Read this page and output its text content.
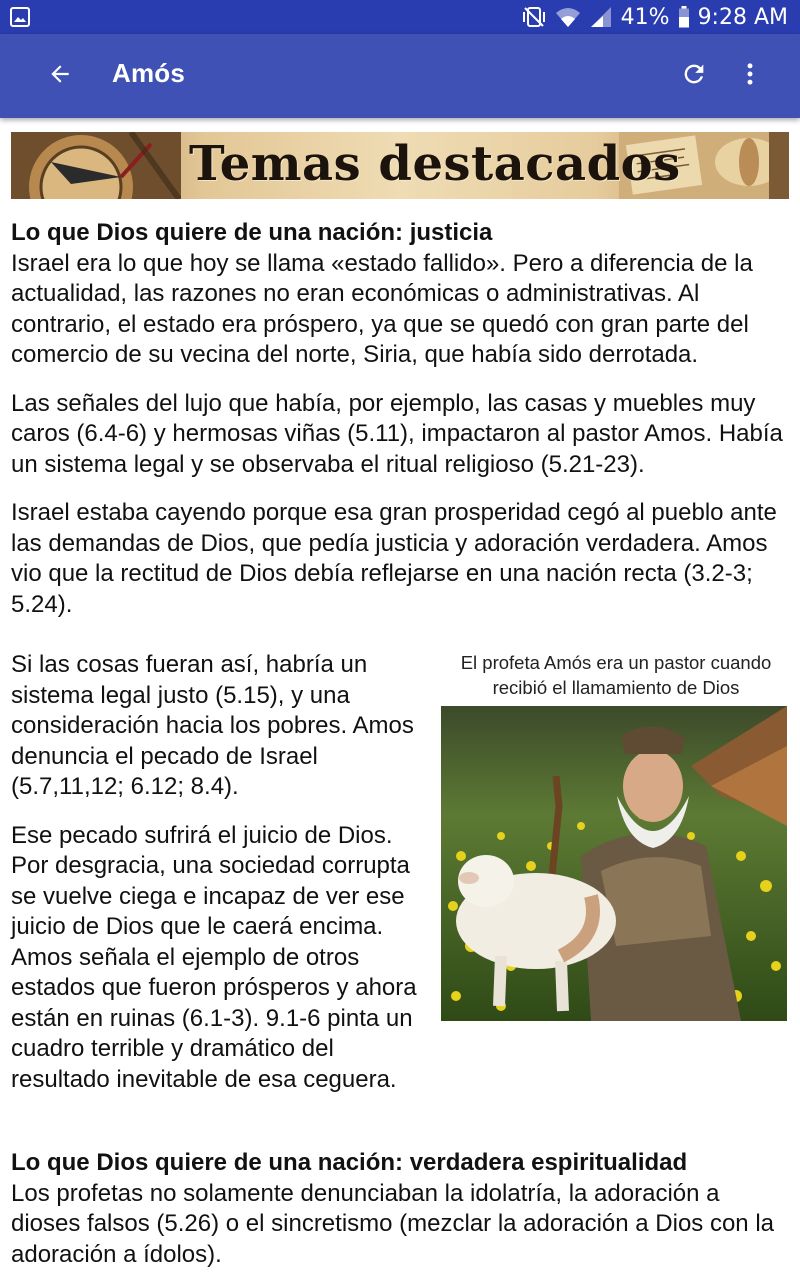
41% 9:28 AM
Amós
Temas destacados

Lo que Dios quiere de una nación: justicia

Israel era lo que hoy se llama «estado fallido». Pero a diferencia de la actualidad, las razones no eran económicas o administrativas. Al contrario, el estado era próspero, ya que se quedó con gran parte del comercio de su vecina del norte, Siria, que había sido derrotada.

Las señales del lujo que había, por ejemplo, las casas y muebles muy caros (6.4-6) y hermosas viñas (5.11), impactaron al pastor Amos. Había un sistema legal y se observaba el ritual religioso (5.21-23).

Israel estaba cayendo porque esa gran prosperidad cegó al pueblo ante las demandas de Dios, que pedía justicia y adoración verdadera. Amos vio que la rectitud de Dios debía reflejarse en una nación recta (3.2-3; 5.24).

Si las cosas fueran así, habría un sistema legal justo (5.15), y una consideración hacia los pobres. Amos denuncia el pecado de Israel (5.7,11,12; 6.12; 8.4).

Ese pecado sufrirá el juicio de Dios. Por desgracia, una sociedad corrupta se vuelve ciega e incapaz de ver ese juicio de Dios que le caerá encima. Amos señala el ejemplo de otros estados que fueron prósperos y ahora están en ruinas (6.1-3). 9.1-6 pinta un cuadro terrible y dramático del resultado inevitable de esa ceguera.

El profeta Amós era un pastor cuando recibió el llamamiento de Dios

Lo que Dios quiere de una nación: verdadera espiritualidad

Los profetas no solamente denunciaban la idolatría, la adoración a dioses falsos (5.26) o el sincretismo (mezclar la adoración a Dios con la adoración a ídolos).
